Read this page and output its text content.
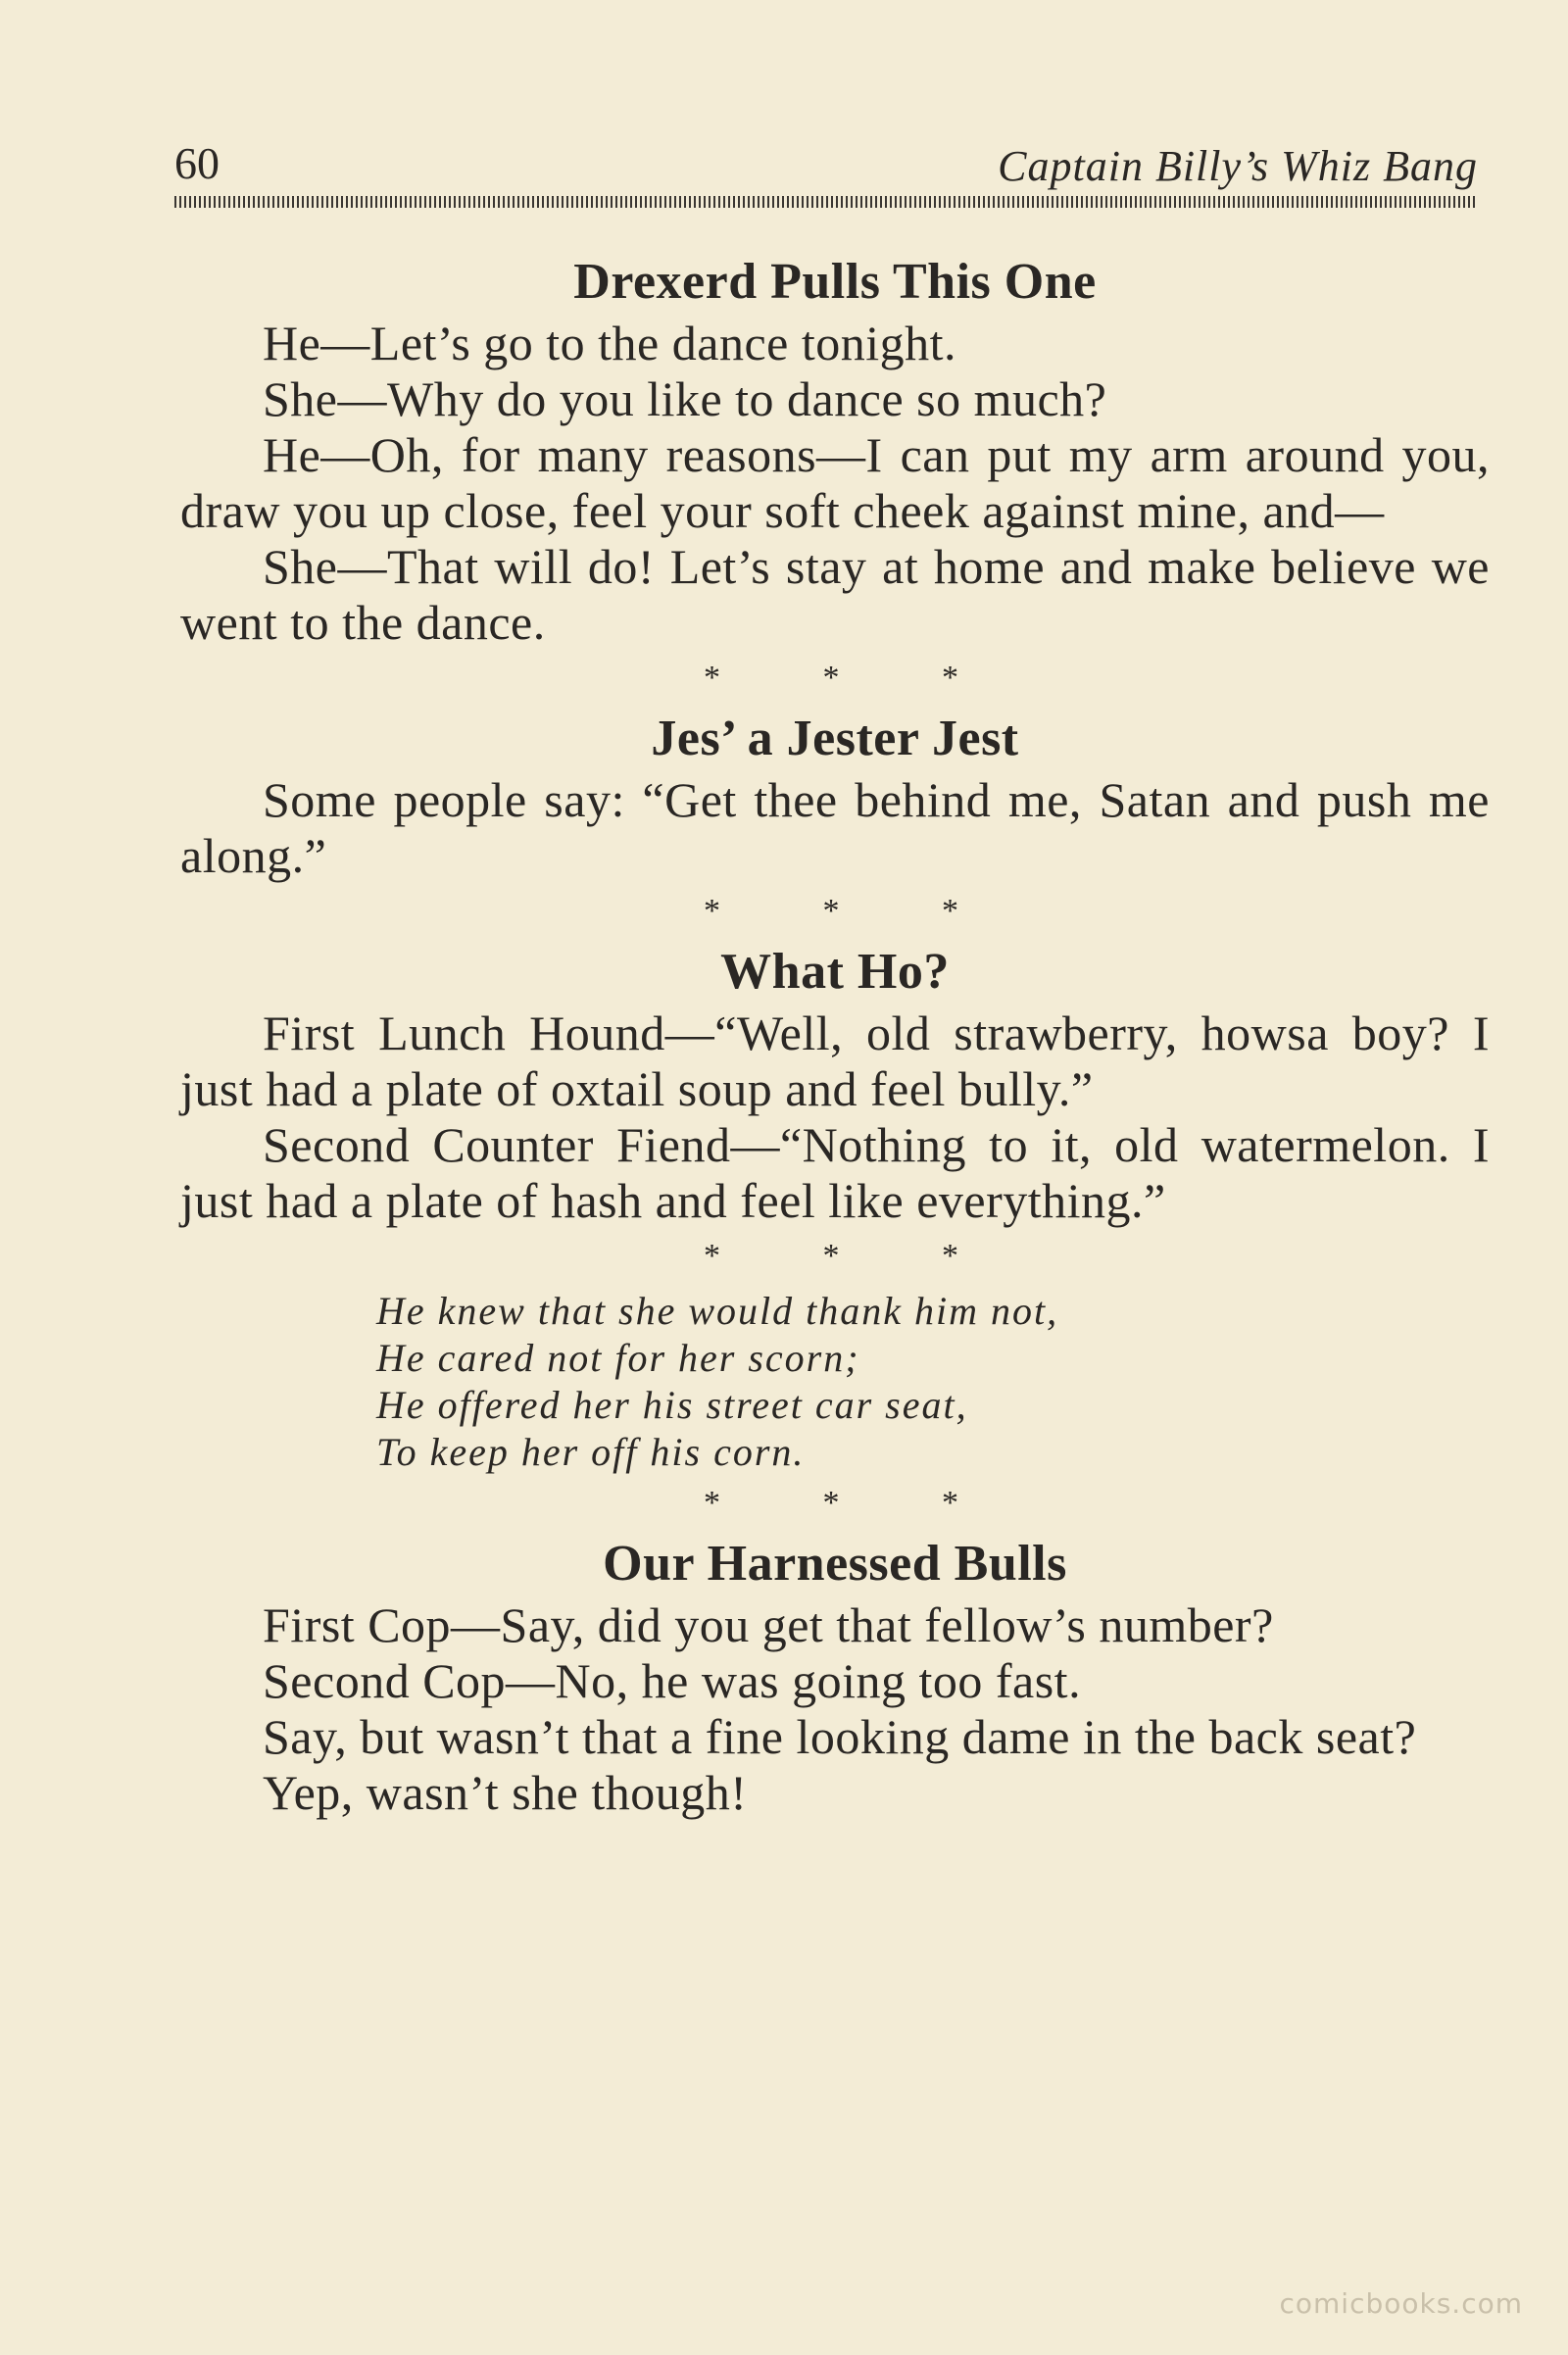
60	Captain Billy’s Whiz Bang
Drexerd Pulls This One

He—Let’s go to the dance tonight.

She—Why do you like to dance so much?

He—Oh, for many reasons—I can put my arm around you, draw you up close, feel your soft cheek against mine, and—

She—That will do! Let’s stay at home and make believe we went to the dance.

* * *
Jes’ a Jester Jest

Some people say: “Get thee behind me, Satan and push me along.”

* * *
What Ho?

First Lunch Hound—“Well, old strawberry, howsa boy? I just had a plate of oxtail soup and feel bully.”

Second Counter Fiend—“Nothing to it, old watermelon. I just had a plate of hash and feel like everything.”

* * *
He knew that she would thank him not,
He cared not for her scorn;
He offered her his street car seat,
To keep her off his corn.
* * *
Our Harnessed Bulls

First Cop—Say, did you get that fellow’s number?

Second Cop—No, he was going too fast.

Say, but wasn’t that a fine looking dame in the back seat?

Yep, wasn’t she though!

comicbooks.com
